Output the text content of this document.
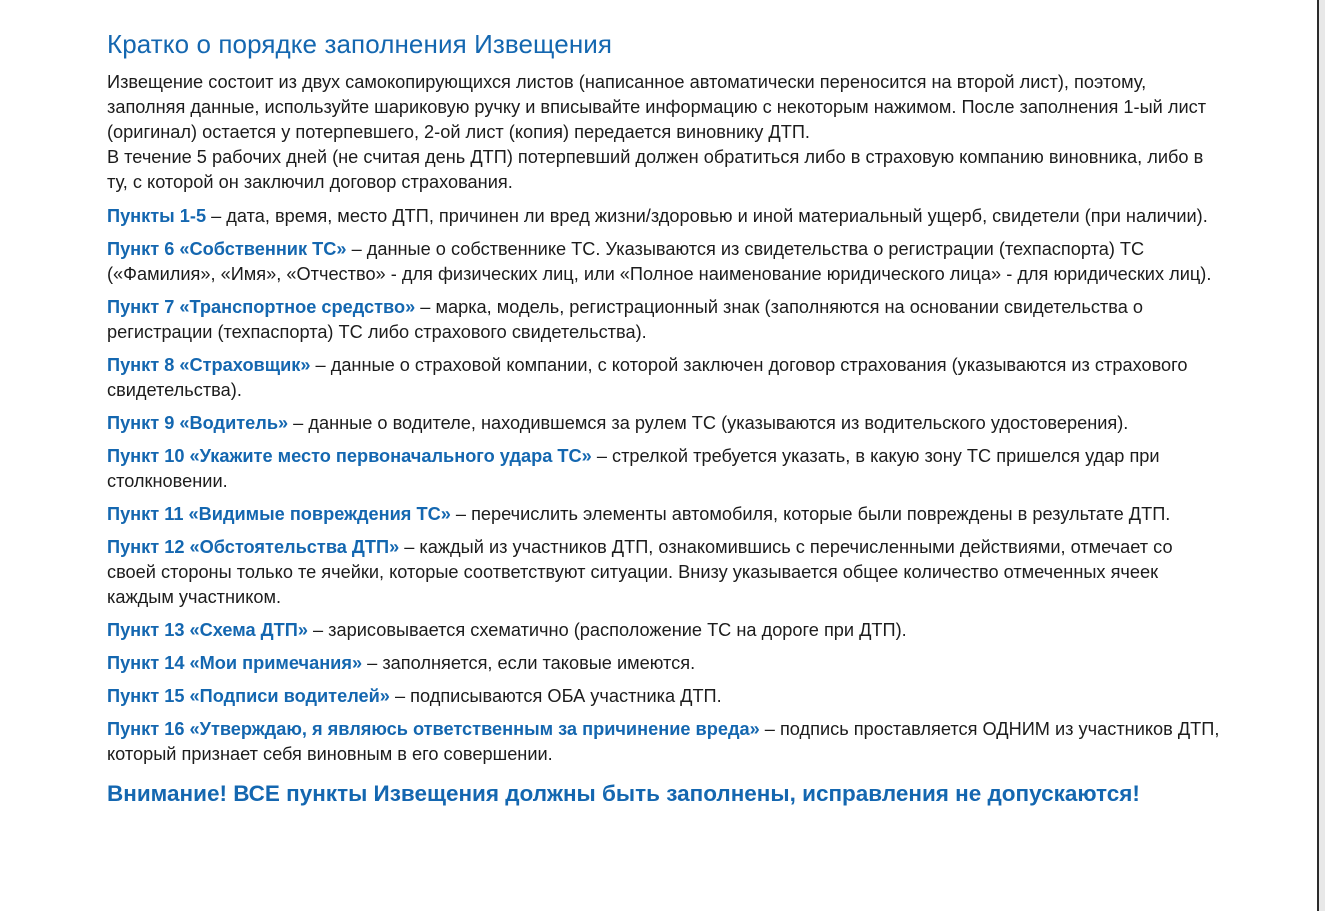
Кратко о порядке заполнения Извещения
Извещение состоит из двух самокопирующихся листов (написанное автоматически переносится на второй лист), поэтому, заполняя данные, используйте шариковую ручку и вписывайте информацию с некоторым нажимом. После заполнения 1-ый лист (оригинал) остается у потерпевшего, 2-ой лист (копия) передается виновнику ДТП.
В течение 5 рабочих дней (не считая день ДТП) потерпевший должен обратиться либо в страховую компанию виновника, либо в ту, с которой он заключил договор страхования.
Пункты 1-5 – дата, время, место ДТП, причинен ли вред жизни/здоровью и иной материальный ущерб, свидетели (при наличии).
Пункт 6 «Собственник ТС» – данные о собственнике ТС. Указываются из свидетельства о регистрации (техпаспорта) ТС («Фамилия», «Имя», «Отчество» - для физических лиц, или «Полное наименование юридического лица» - для юридических лиц).
Пункт 7 «Транспортное средство» – марка, модель, регистрационный знак (заполняются на основании свидетельства о регистрации (техпаспорта) ТС либо страхового свидетельства).
Пункт 8 «Страховщик» – данные о страховой компании, с которой заключен договор страхования (указываются из страхового свидетельства).
Пункт 9 «Водитель» – данные о водителе, находившемся за рулем ТС (указываются из водительского удостоверения).
Пункт 10 «Укажите место первоначального удара ТС» – стрелкой требуется указать, в какую зону ТС пришелся удар при столкновении.
Пункт 11 «Видимые повреждения ТС» – перечислить элементы автомобиля, которые были повреждены в результате ДТП.
Пункт 12 «Обстоятельства ДТП» – каждый из участников ДТП, ознакомившись с перечисленными действиями, отмечает со своей стороны только те ячейки, которые соответствуют ситуации. Внизу указывается общее количество отмеченных ячеек каждым участником.
Пункт 13 «Схема ДТП» – зарисовывается схематично (расположение ТС на дороге при ДТП).
Пункт 14 «Мои примечания» – заполняется, если таковые имеются.
Пункт 15 «Подписи водителей» – подписываются ОБА участника ДТП.
Пункт 16 «Утверждаю, я являюсь ответственным за причинение вреда» – подпись проставляется ОДНИМ из участников ДТП, который признает себя виновным в его совершении.
Внимание! ВСЕ пункты Извещения должны быть заполнены, исправления не допускаются!
